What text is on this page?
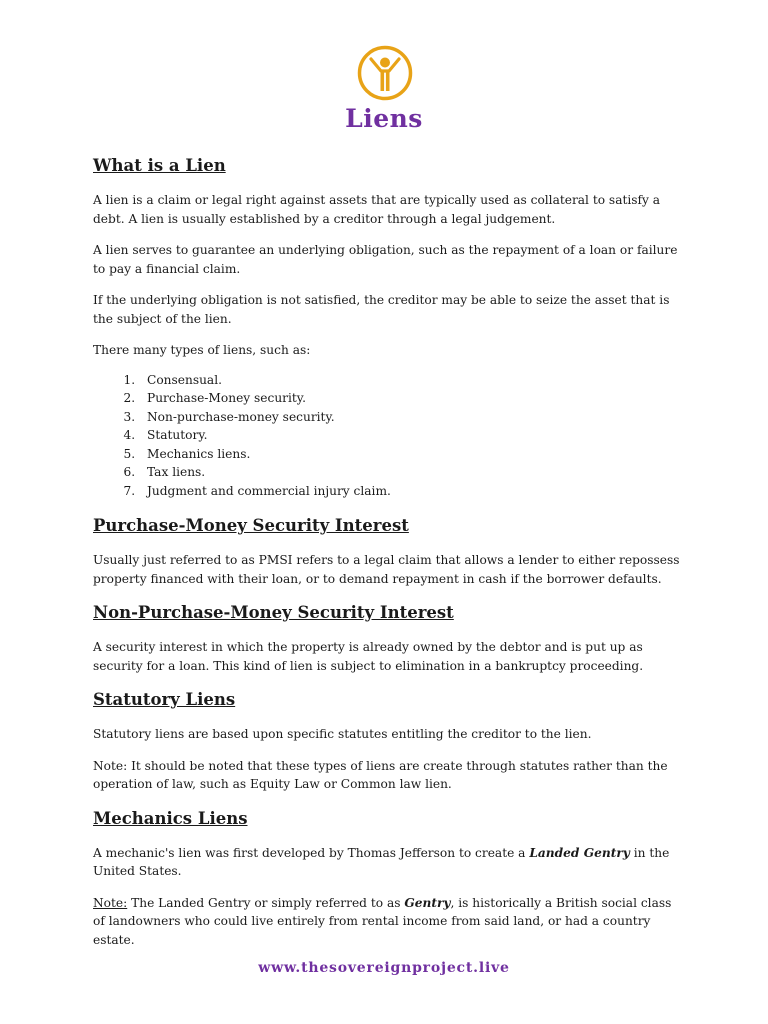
Liens
What is a Lien

A lien is a claim or legal right against assets that are typically used as collateral to satisfy a debt. A lien is usually established by a creditor through a legal judgement.

A lien serves to guarantee an underlying obligation, such as the repayment of a loan or failure to pay a financial claim.

If the underlying obligation is not satisfied, the creditor may be able to seize the asset that is the subject of the lien.

There many types of liens, such as:

1. Consensual.
2. Purchase-Money security.
3. Non-purchase-money security.
4. Statutory.
5. Mechanics liens.
6. Tax liens.
7. Judgment and commercial injury claim.
Purchase-Money Security Interest

Usually just referred to as PMSI refers to a legal claim that allows a lender to either repossess property financed with their loan, or to demand repayment in cash if the borrower defaults.

Non-Purchase-Money Security Interest

A security interest in which the property is already owned by the debtor and is put up as security for a loan. This kind of lien is subject to elimination in a bankruptcy proceeding.

Statutory Liens

Statutory liens are based upon specific statutes entitling the creditor to the lien.

Note: It should be noted that these types of liens are create through statutes rather than the operation of law, such as Equity Law or Common law lien.

Mechanics Liens

A mechanic's lien was first developed by Thomas Jefferson to create a Landed Gentry in the United States.

Note: The Landed Gentry or simply referred to as Gentry, is historically a British social class of landowners who could live entirely from rental income from said land, or had a country estate.

www.thesovereignproject.live
